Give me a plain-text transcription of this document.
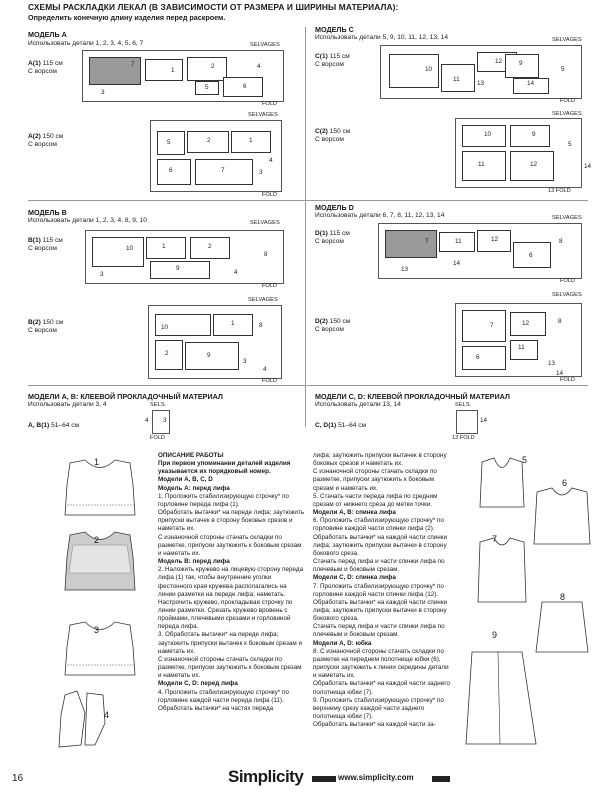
СХЕМЫ РАСКЛАДКИ ЛЕКАЛ (В ЗАВИСИМОСТИ ОТ РАЗМЕРА И ШИРИНЫ МАТЕРИАЛА):
Определить конечную длину изделия перед раскроем.
МОДЕЛЬ A
Использовать детали 1, 2, 3, 4, 5, 6, 7
A(1) 115 см
С ворсом
7
1
2
6
5
3
4
SELVAGES
FOLD
A(2) 150 см
С ворсом	5	2	1
6	7	3
4
SELVAGES
FOLD
МОДЕЛЬ C
Использовать детали 5, 9, 10, 11, 12, 13, 14
C(1) 115 см
С ворсом
10
11
12	9
14
5
13
SELVAGES
FOLD
C(2) 150 см
С ворсом
10	9
11	12
5
14
SELVAGES
13 FOLD
МОДЕЛЬ B
Использовать детали 1, 2, 3, 4, 8, 9, 10
B(1) 115 см
С ворсом	10	1	2
9
8
3	4
SELVAGES
FOLD
B(2) 150 см
С ворсом	10
1
2	9
8
3
4
SELVAGES
FOLD
МОДЕЛЬ D
Использовать детали 6, 7, 8, 11, 12, 13, 14
D(1) 115 см
С ворсом	7	11	12
6
13
14
8
SELVAGES
FOLD
D(2) 150 см
С ворсом
7	12
6
11
8
13
14
SELVAGES
FOLD
МОДЕЛИ A, B: КЛЕЕВОЙ ПРОКЛАДОЧНЫЙ МАТЕРИАЛ
Использовать детали 3, 4
A, B(1) 51–64 см
4 3
SELS.
FOLD
МОДЕЛИ C, D: КЛЕЕВОЙ ПРОКЛАДОЧНЫЙ МАТЕРИАЛ
Использовать детали 13, 14
C, D(1) 51–64 см
14
SELS.
13 FOLD
1
2
3
4
ОПИСАНИЕ РАБОТЫ
При первом упоминании деталей изделия указывается их порядковый номер.
Модели A, B, C, D
Модель A: перед лифа
1. Проложить стабилизирующую строчку* по горловине переда лифа (1).
Обработать вытачки* на переде лифа; заутюжить припуски вытачек в сторону боковых срезов и наметать их.
С изнаночной стороны стачать складки по разметке, припуски заутюжить к боковым срезам и наметать их.
Модель B: перед лифа
2. Наложить кружево на лицевую сторону переда лифа (1) так, чтобы внутренние уголки фестонного края кружева располагались на линии разметки на переде лифа; наметать. Настрочить кружево, прокладывая строчку по линии разметки. Срезать кружево вровень с проймами, плечевыми срезами и горловиной переда лифа.
3. Обработать вытачки* на переде лифа; заутюжить припуски вытачек к боковым срезам и наметать их.
С изнаночной стороны стачать складки по разметке, припуски заутюжить к боковым срезам и наметать их.
Модели C, D: перед лифа
4. Проложить стабилизирующую строчку* по горловине каждой части переда лифа (11). Обработать вытачки* на частях переда
лифа; заутюжить припуски вытачек в сторону боковых срезов и наметать их.
С изнаночной стороны стачать складки по разметке, припуски заутюжить к боковым срезам и наметать их.
5. Стачать части переда лифа по средним срезам от нижнего среза до метки точки.
Модели A, B: спинка лифа
6. Проложить стабилизирующую строчку* по горловине каждой части спинки лифа (2). Обработать вытачки* на каждой части спинки лифа; заутюжить припуски вытачки в сторону бокового среза.
Стачать перед лифа и части спинки лифа по плечевым и боковым срезам.
Модели C, D: спинка лифа
7. Проложить стабилизирующую строчку* по горловине каждой части спинки лифа (12). Обработать вытачки* на каждой части спинки лифа; заутюжить припуски вытачки в сторону бокового среза.
Стачать перед лифа и части спинки лифа по плечевым и боковым срезам.
Модели A, D: юбка
8. С изнаночной стороны стачать складки по разметке на переднем полотнище юбки (6), припуски заутюжить к линии середины детали и наметать их.
Обработать вытачки* на каждой части заднего полотнища юбки (7).
9. Проложить стабилизирующую строчку* по верхнему срезу каждой части заднего полотнища юбки (7).
Обработать вытачки* на каждой части за-
5
6
7
8
9
16	Simplicity	www.simplicity.com
